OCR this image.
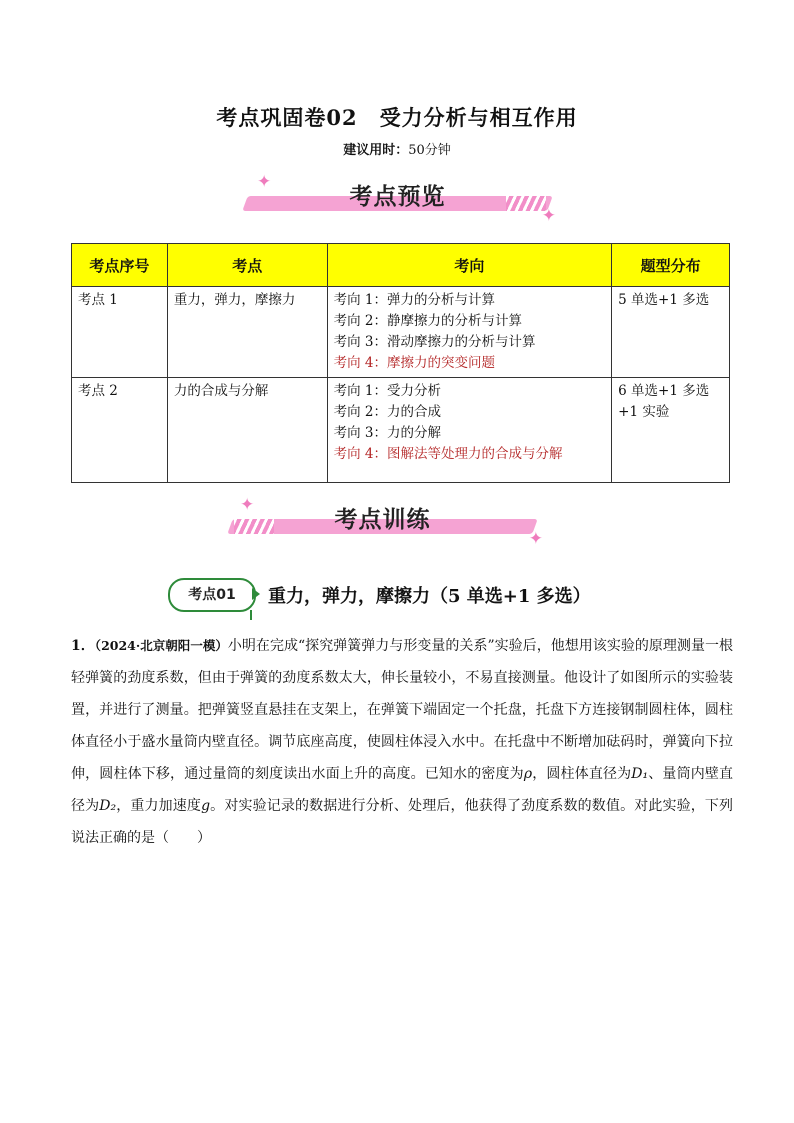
考点巩固卷02 受力分析与相互作用
建议用时：50分钟
✦
考点预览
✦
考点序号	考点	考向	题型分布
考点 1	重力，弹力，摩擦力	考向 1：弹力的分析与计算
考向 2：静摩擦力的分析与计算
考向 3：滑动摩擦力的分析与计算
考向 4：摩擦力的突变问题	5 单选+1 多选
考点 2	力的合成与分解	考向 1：受力分析
考向 2：力的合成
考向 3：力的分解
考向 4：图解法等处理力的合成与分解	6 单选+1 多选+1 实验
✦
考点训练
✦
考点01	重力，弹力，摩擦力（5 单选+1 多选）
1．（2024·北京朝阳一模）小明在完成“探究弹簧弹力与形变量的关系”实验后，他想用该实验的原理测量一根轻弹簧的劲度系数，但由于弹簧的劲度系数太大，伸长量较小，不易直接测量。他设计了如图所示的实验装置，并进行了测量。把弹簧竖直悬挂在支架上，在弹簧下端固定一个托盘，托盘下方连接钢制圆柱体，圆柱体直径小于盛水量筒内壁直径。调节底座高度，使圆柱体浸入水中。在托盘中不断增加砝码时，弹簧向下拉伸，圆柱体下移，通过量筒的刻度读出水面上升的高度。已知水的密度为ρ，圆柱体直径为D₁、量筒内壁直径为D₂，重力加速度g。对实验记录的数据进行分析、处理后，他获得了劲度系数的数值。对此实验，下列说法正确的是（　　）
